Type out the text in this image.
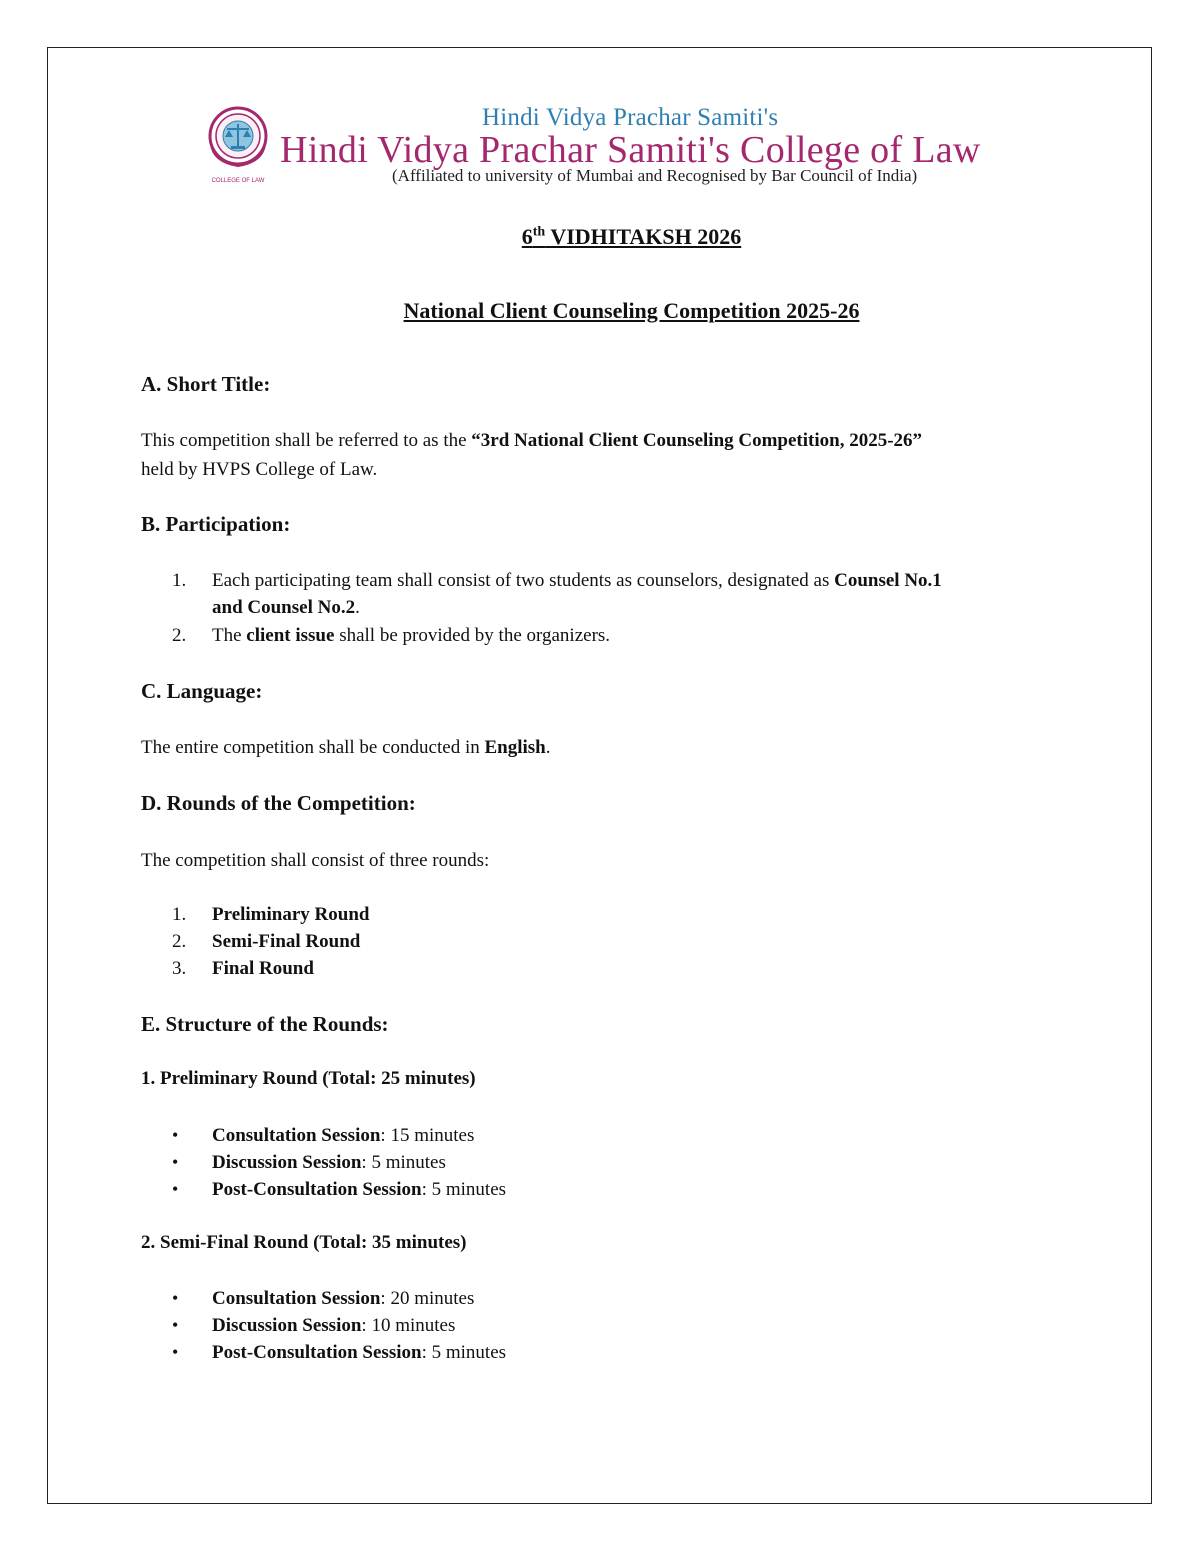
COLLEGE OF LAW
Hindi Vidya Prachar Samiti's
Hindi Vidya Prachar Samiti's College of Law
(Affiliated to university of Mumbai and Recognised by Bar Council of India)
6th VIDHITAKSH 2026
National Client Counseling Competition 2025-26
A. Short Title:

This competition shall be referred to as the “3rd National Client Counseling Competition, 2025-26”
held by HVPS College of Law.

B. Participation:
1.	Each participating team shall consist of two students as counselors, designated as Counsel No.1
and Counsel No.2.
2.	The client issue shall be provided by the organizers.
C. Language:

The entire competition shall be conducted in English.

D. Rounds of the Competition:

The competition shall consist of three rounds:

1.	Preliminary Round
2.	Semi-Final Round
3.	Final Round
E. Structure of the Rounds:
1. Preliminary Round (Total: 25 minutes)
• Consultation Session: 15 minutes
• Discussion Session: 5 minutes
• Post-Consultation Session: 5 minutes
2. Semi-Final Round (Total: 35 minutes)
• Consultation Session: 20 minutes
• Discussion Session: 10 minutes
• Post-Consultation Session: 5 minutes
